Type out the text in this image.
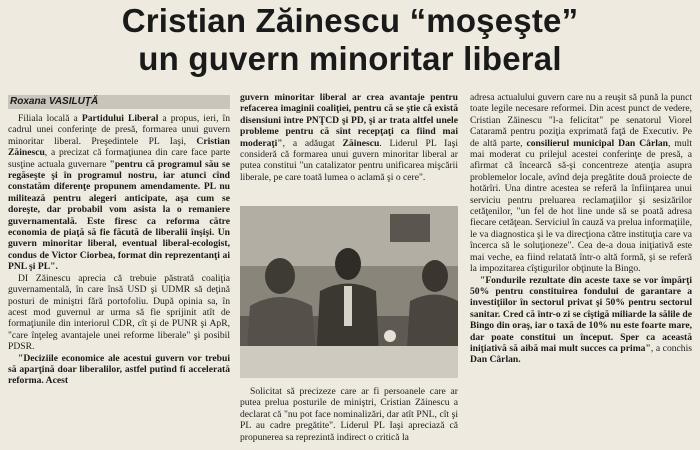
Cristian Zăinescu “moşeşte”
un guvern minoritar liberal
Roxana VASILUŢĂ

Filiala locală a Partidului Liberal a propus, ieri, în cadrul unei conferinţe de presă, formarea unui guvern minoritar liberal. Preşedintele PL Iaşi, Cristian Zăinescu, a precizat că formaţiunea din care face parte susţine actuala guvernare "pentru că programul său se regăseşte şi în programul nostru, iar atunci cînd constatăm diferenţe propunem amendamente. PL nu militează pentru alegeri anticipate, aşa cum se doreşte, dar probabil vom asista la o remaniere guvernamentală. Este firesc ca reforma către economia de piaţă să fie făcută de liberalii înşişi. Un guvern minoritar liberal, eventual liberal-ecologist, condus de Victor Ciorbea, format din reprezentanţi ai PNL şi PL".

DI Zăinescu aprecia că trebuie păstrată coaliţia guvernamentală, în care însă USD şi UDMR să deţină posturi de miniştri fără portofoliu. După opinia sa, în acest mod guvernul ar urma să fie sprijinit atît de formaţiunile din interiorul CDR, cît şi de PUNR şi ApR, "care înţeleg avantajele unei reforme liberale" şi posibil PDSR.

"Deciziile economice ale acestui guvern vor trebui să aparţină doar liberalilor, astfel putînd fi accelerată reforma. Acest

guvern minoritar liberal ar crea avantaje pentru refacerea imaginii coaliţiei, pentru că se ştie că există disensiuni între PNŢCD şi PD, şi ar trata altfel unele probleme pentru că sînt recepţaţi ca fiind mai moderaţi", a adăugat Zăinescu. Liderul PL Iaşi consideră că formarea unui guvern minoritar liberal ar putea constitui "un catalizator pentru unificarea mişcării liberale, pe care toată lumea o aclamă şi o cere".

Solicitat să precizeze care ar fi persoanele care ar putea prelua posturile de miniştri, Cristian Zăinescu a declarat că "nu pot face nominalizări, dar atît PNL, cît şi PL au cadre pregătite". Liderul PL Iaşi apreciază că propunerea sa reprezintă indirect o critică la

adresa actualului guvern care nu a reuşit să pună la punct toate legile necesare reformei. Din acest punct de vedere, Cristian Zăinescu "l-a felicitat" pe senatorul Viorel Cataramă pentru poziţia exprimată faţă de Executiv. Pe de altă parte, consilierul municipal Dan Cârlan, mult mai moderat cu prilejul acestei conferinţe de presă, a afirmat că încearcă să-şi concentreze atenţia asupra problemelor locale, avînd deja pregătite două proiecte de hotărîri. Una dintre acestea se referă la înfiinţarea unui serviciu pentru preluarea reclamaţiilor şi sesizărilor cetăţenilor, "un fel de hot line unde să se poată adresa fiecare cetăţean. Serviciul în cauză va prelua informaţiile, le va diagnostica şi le va direcţiona către instituţia care va încerca să le soluţioneze". Cea de-a doua iniţiativă este mai veche, ea fiind relatată într-o altă formă, şi se referă la impozitarea cîştigurilor obţinute la Bingo.

"Fondurile rezultate din aceste taxe se vor împărţi 50% pentru constituirea fondului de garantare a investiţiilor în sectorul privat şi 50% pentru sectorul sanitar. Cred că într-o zi se cîştigă miliarde la sălile de Bingo din oraş, iar o taxă de 10% nu este foarte mare, dar poate constitui un început. Sper ca această iniţiativă să aibă mai mult succes ca prima", a conchis Dan Cârlan.
